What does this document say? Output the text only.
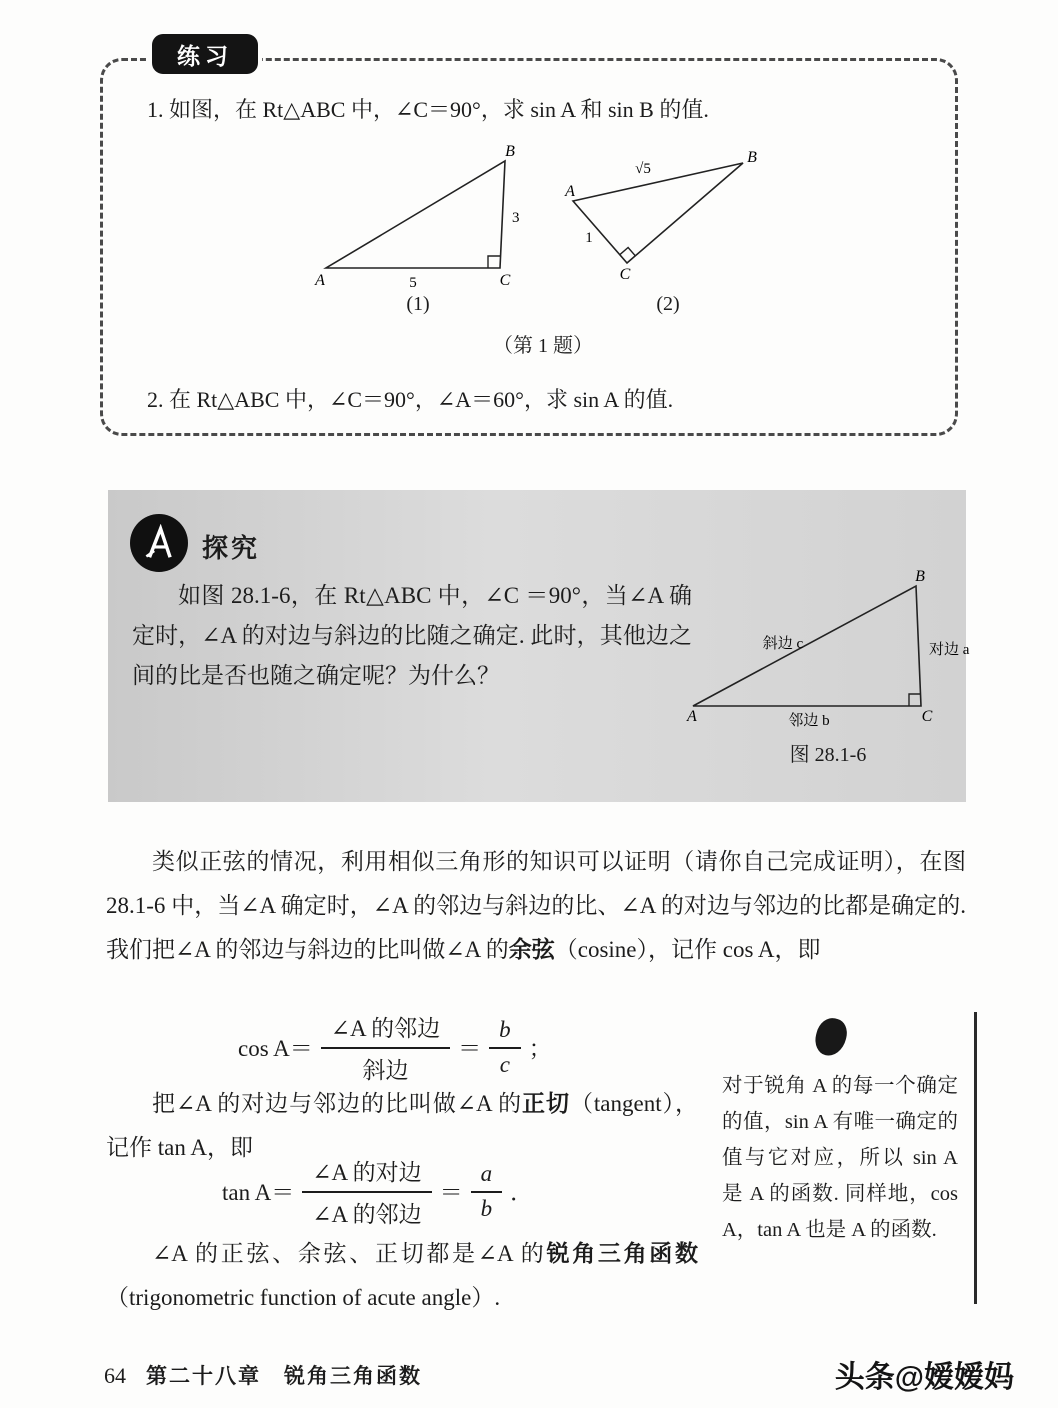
1. 如图，在 Rt△ABC 中，∠C＝90°，求 sin A 和 sin B 的值.
A	C
B
5
3
(1)
A
B
C
√5
1
(2)
（第 1 题）
2. 在 Rt△ABC 中，∠C＝90°，∠A＝60°，求 sin A 的值.
练习
探究
如图 28.1-6，在 Rt△ABC 中，∠C ＝90°，当∠A 确定时，∠A 的对边与斜边的比随之确定. 此时，其他边之间的比是否也随之确定呢？为什么？
A	C
B
斜边 c	对边 a
邻边 b
图 28.1-6
类似正弦的情况，利用相似三角形的知识可以证明（请你自己完成证明），在图 28.1-6 中，当∠A 确定时，∠A 的邻边与斜边的比、∠A 的对边与邻边的比都是确定的. 我们把∠A 的邻边与斜边的比叫做∠A 的余弦（cosine），记作 cos A，即
$\cos A= \frac{\text{∠A 的邻边}}{\text{斜边}} = \frac{b}{c}$ ；
把∠A 的对边与邻边的比叫做∠A 的正切（tangent），记作 tan A，即
$\tan A= \frac{\text{∠A 的对边}}{\text{∠A 的邻边}} = \frac{a}{b}$ ．
∠A 的正弦、余弦、正切都是∠A 的锐角三角函数（trigonometric function of acute angle）.
对于锐角 A 的每一个确定的值，sin A 有唯一确定的值与它对应，所以 sin A 是 A 的函数. 同样地，cos A，tan A 也是 A 的函数.
64 第二十八章　锐角三角函数	头条@嫒嫒妈
